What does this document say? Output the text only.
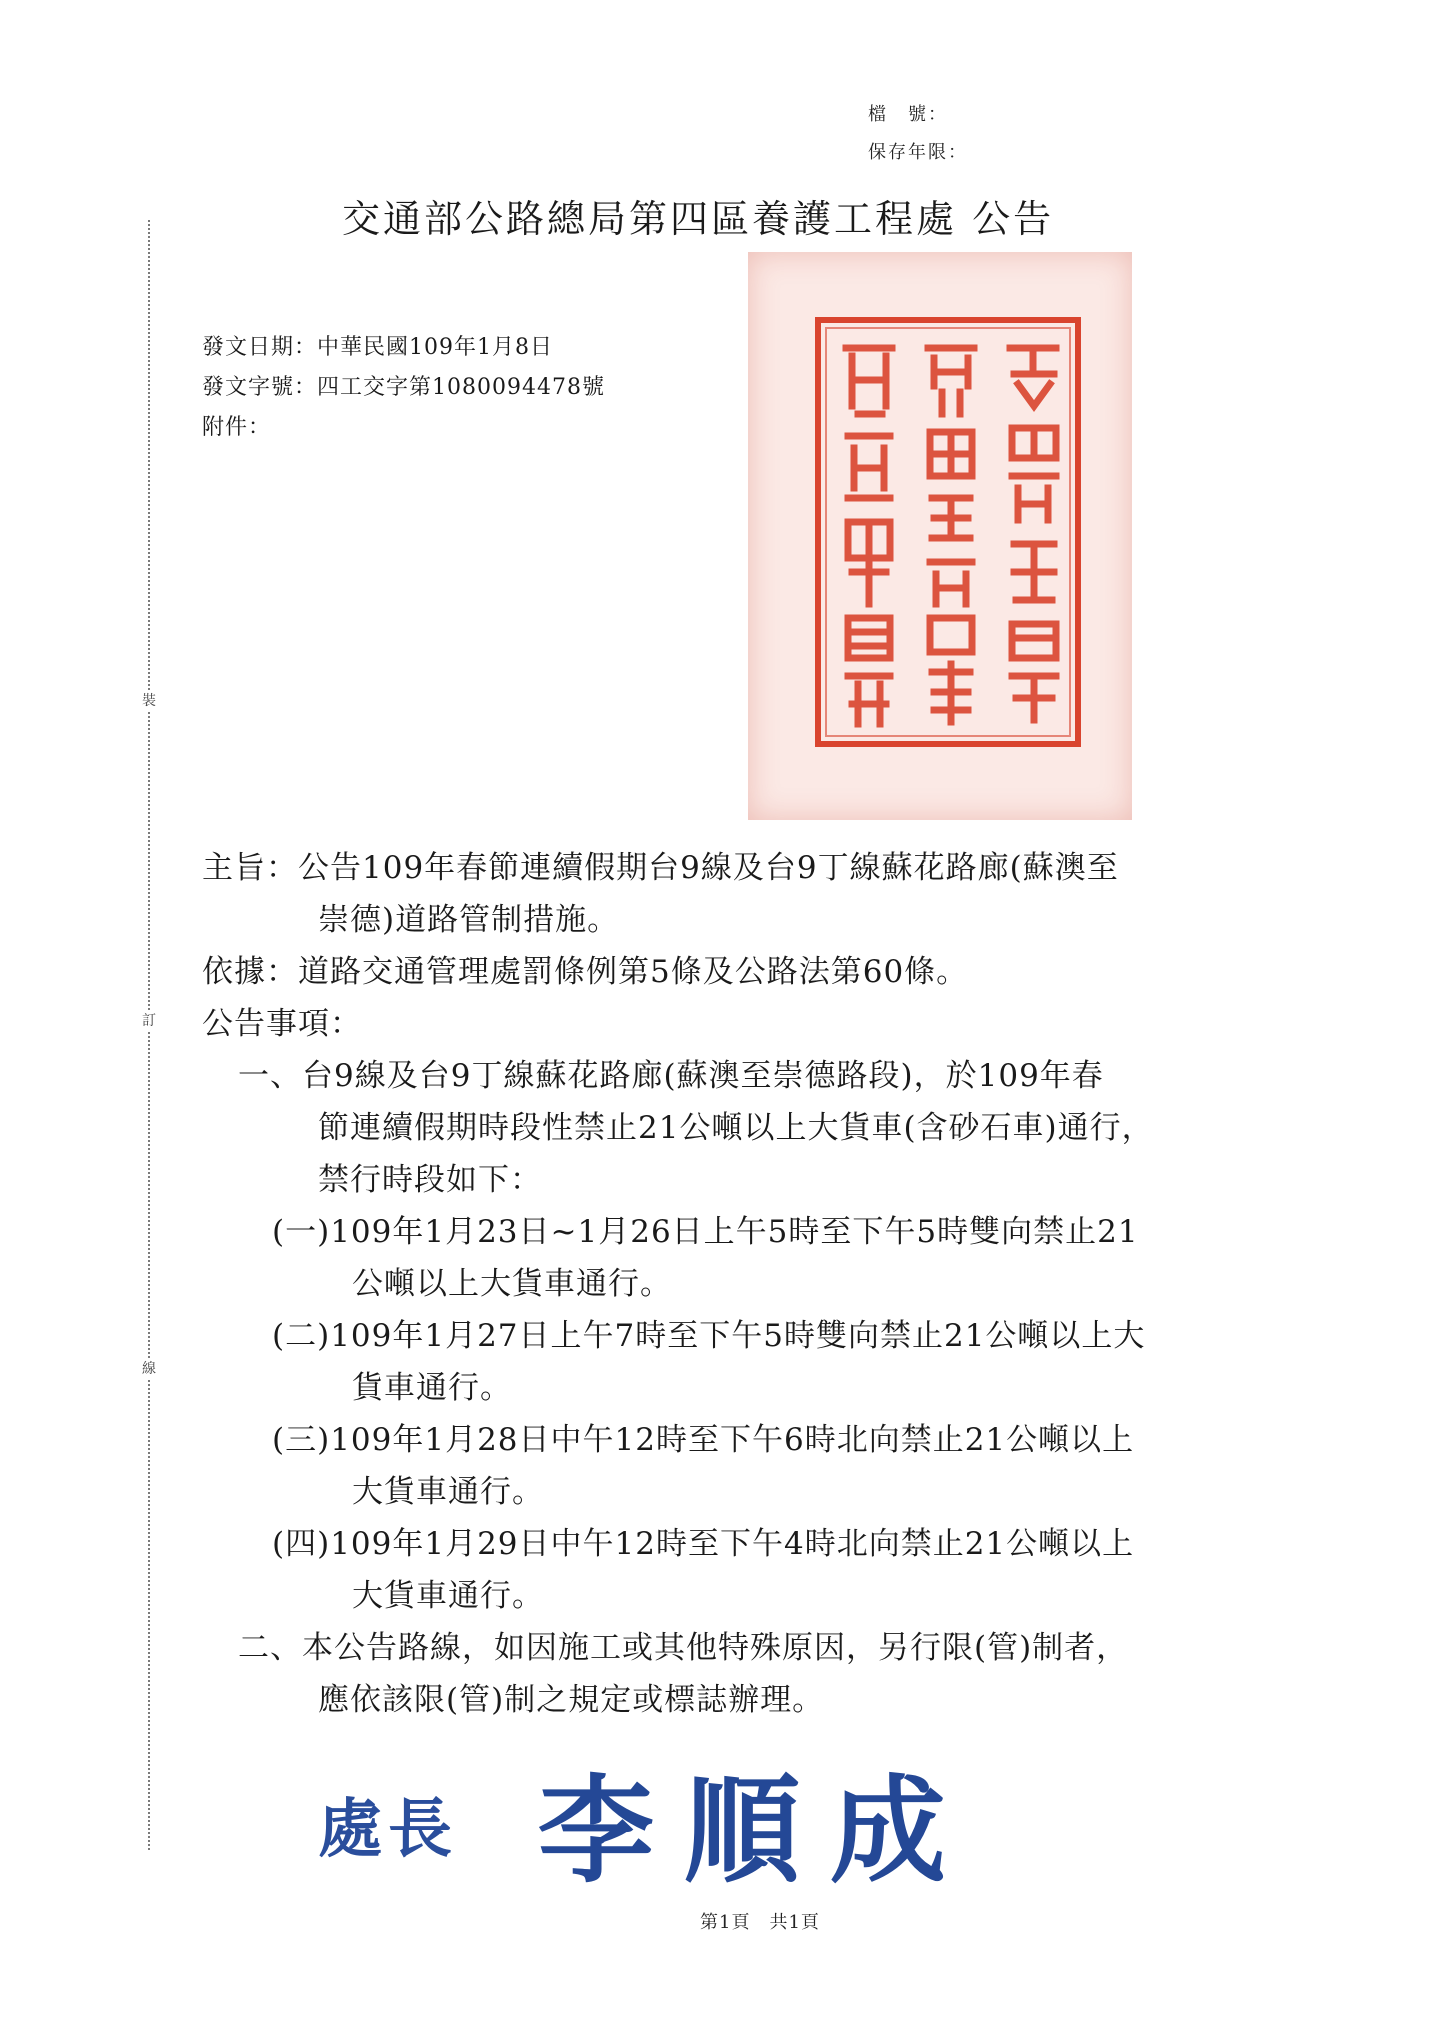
裝
訂
線
檔　號：
保存年限：
交通部公路總局第四區養護工程處 公告
發文日期：中華民國109年1月8日
發文字號：四工交字第1080094478號
附件：
主旨：公告109年春節連續假期台9線及台9丁線蘇花路廊(蘇澳至
崇德)道路管制措施。
依據：道路交通管理處罰條例第5條及公路法第60條。
公告事項：
一、台9線及台9丁線蘇花路廊(蘇澳至崇德路段)，於109年春
節連續假期時段性禁止21公噸以上大貨車(含砂石車)通行，
禁行時段如下：
(一)109年1月23日~1月26日上午5時至下午5時雙向禁止21
公噸以上大貨車通行。
(二)109年1月27日上午7時至下午5時雙向禁止21公噸以上大
貨車通行。
(三)109年1月28日中午12時至下午6時北向禁止21公噸以上
大貨車通行。
(四)109年1月29日中午12時至下午4時北向禁止21公噸以上
大貨車通行。
二、本公告路線，如因施工或其他特殊原因，另行限(管)制者，
應依該限(管)制之規定或標誌辦理。
處長 李順成
第1頁　共1頁
